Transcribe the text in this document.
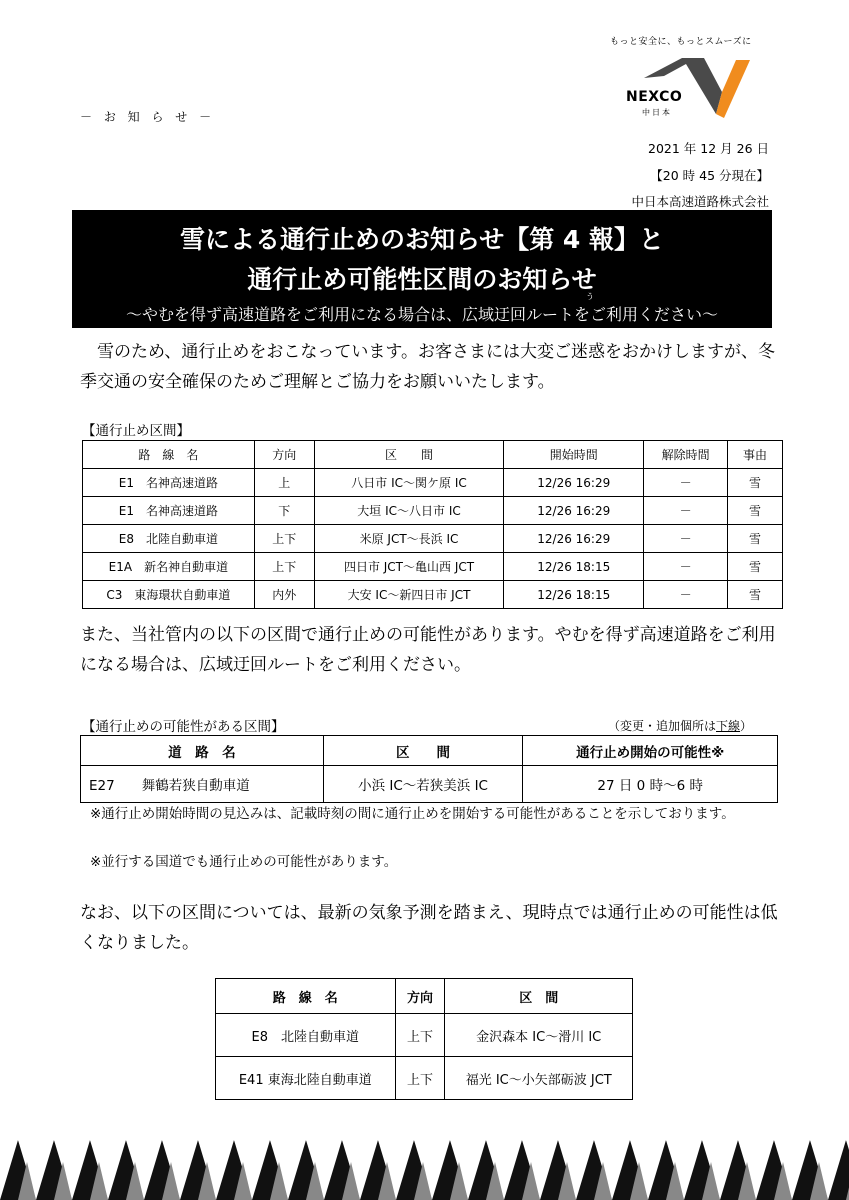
もっと安全に、もっとスムーズに
NEXCO
中日本
－ お 知 ら せ －
2021 年 12 月 26 日
【20 時 45 分現在】
中日本高速道路株式会社
雪による通行止めのお知らせ【第 4 報】と
通行止め可能性区間のお知らせ
う
～やむを得ず高速道路をご利用になる場合は、広域迂回ルートをご利用ください～
雪のため、通行止めをおこなっています。お客さまには大変ご迷惑をおかけしますが、冬季交通の安全確保のためご理解とご協力をお願いいたします。
【通行止め区間】
路　線　名	方向	区　　間	開始時間	解除時間	事由
E1　名神高速道路	上	八日市 IC～関ケ原 IC	12/26 16:29	－	雪
E1　名神高速道路	下	大垣 IC～八日市 IC	12/26 16:29	－	雪
E8　北陸自動車道	上下	米原 JCT～長浜 IC	12/26 16:29	－	雪
E1A　新名神自動車道	上下	四日市 JCT～亀山西 JCT	12/26 18:15	－	雪
C3　東海環状自動車道	内外	大安 IC～新四日市 JCT	12/26 18:15	－	雪
また、当社管内の以下の区間で通行止めの可能性があります。やむを得ず高速道路をご利用になる場合は、広域迂回ルートをご利用ください。
【通行止めの可能性がある区間】	（変更・追加個所は下線）
道　路　名	区　　間	通行止め開始の可能性※
E27　　舞鶴若狭自動車道	小浜 IC～若狭美浜 IC	27 日 0 時～6 時
※通行止め開始時間の見込みは、記載時刻の間に通行止めを開始する可能性があることを示しております。
※並行する国道でも通行止めの可能性があります。
なお、以下の区間については、最新の気象予測を踏まえ、現時点では通行止めの可能性は低くなりました。
路　線　名	方向	区　間
E8　北陸自動車道	上下	金沢森本 IC～滑川 IC
E41 東海北陸自動車道	上下	福光 IC～小矢部砺波 JCT
